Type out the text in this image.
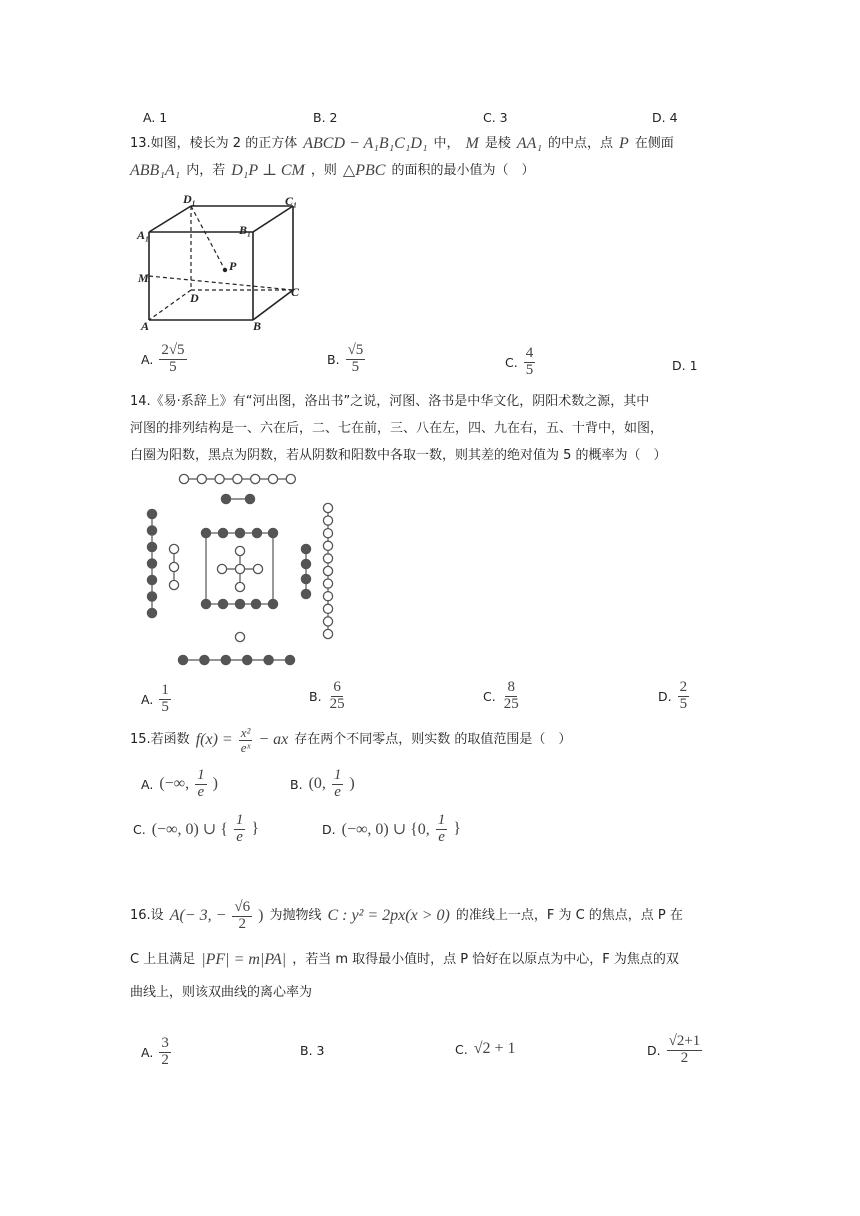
A. 1	B. 2	C. 3	D. 4
13.如图，棱长为 2 的正方体 ABCD − A₁B₁C₁D₁ 中， M 是棱 AA₁ 的中点，点 P 在侧面
ABB₁A₁ 内，若 D₁P ⊥ CM ，则 △PBC 的面积的最小值为（　）
D₁	C₁
A₁	B₁
M
P
C
D
A	B
A. $\frac{2√5}{5}$	B. $\frac{√5}{5}$	C. $\frac{4}{5}$	D. 1
14.《易·系辞上》有“河出图，洛出书”之说，河图、洛书是中华文化，阴阳术数之源，其中
河图的排列结构是一、六在后，二、七在前，三、八在左，四、九在右，五、十背中，如图，
白圈为阳数，黑点为阴数，若从阴数和阳数中各取一数，则其差的绝对值为 5 的概率为（　）
A. $\frac{1}{5}$	B. $\frac{6}{25}$	C. $\frac{8}{25}$	D. $\frac{2}{5}$
15.若函数 $f(x) = \frac{\text{x²}}{\text{eˣ}}$ − ax 存在两个不同零点，则实数 的取值范围是（　）
A. (−∞, $\frac{1}{e}$ )	B. (0, $\frac{1}{e}$ )
C. (−∞, 0) ∪ { $\frac{1}{e}$ }	D. (−∞, 0) ∪ {0, $\frac{1}{e}$ }
16.设 A(− 3, − $\frac{√6}{2}$ ) 为抛物线 C : y² = 2px(x > 0) 的准线上一点，F 为 C 的焦点，点 P 在
C 上且满足 |PF| = m|PA| ，若当 m 取得最小值时，点 P 恰好在以原点为中心，F 为焦点的双
曲线上，则该双曲线的离心率为
A. $\frac{3}{2}$	B. 3	C. √2 + 1	D. $\frac{√2+1}{2}$
